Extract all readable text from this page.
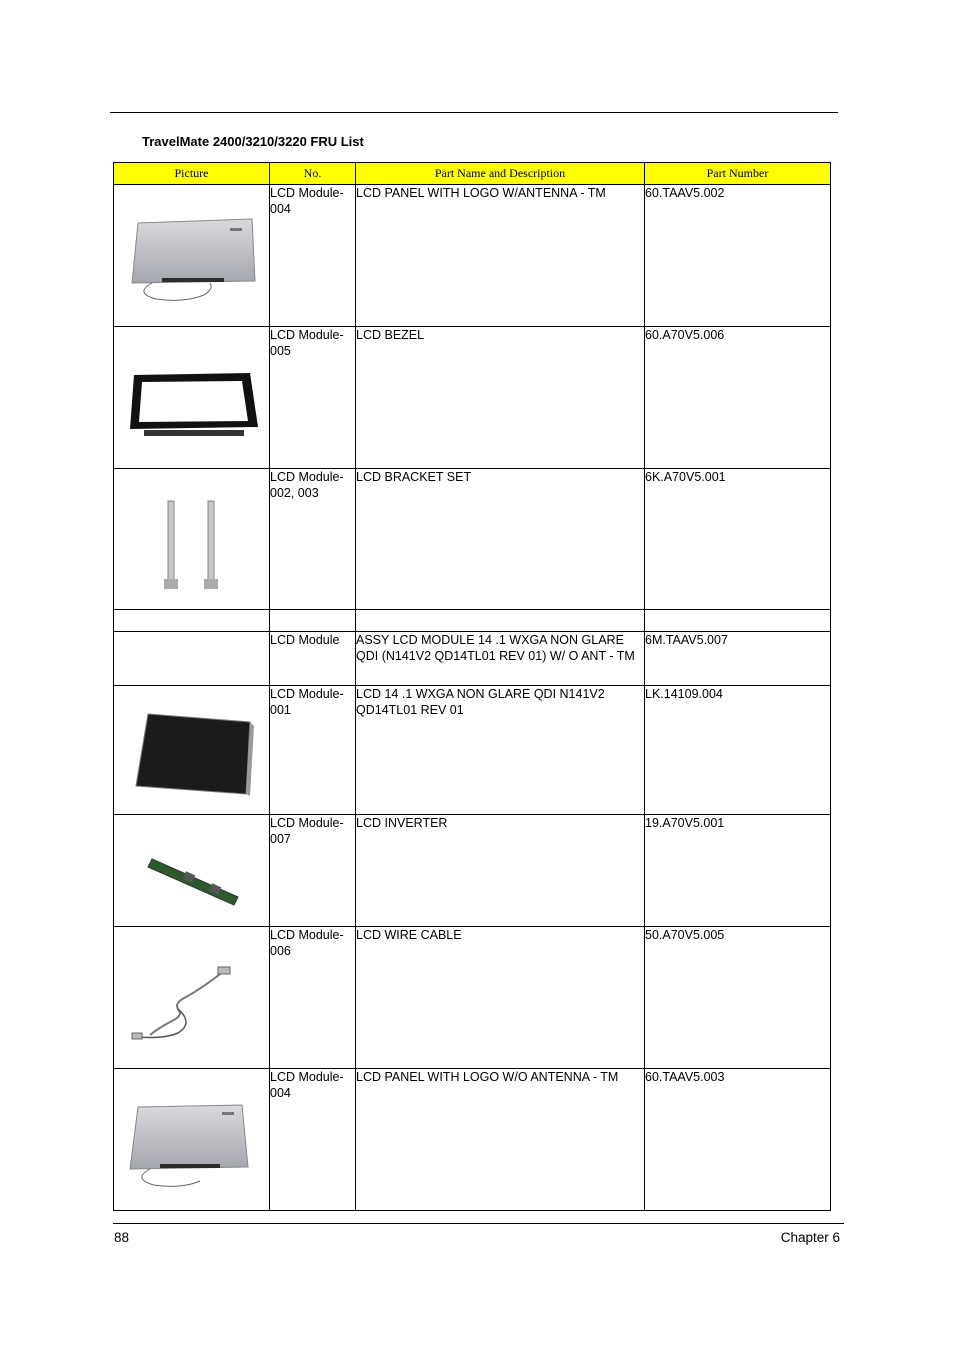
TravelMate 2400/3210/3220 FRU List
Picture	No.	Part Name and Description	Part Number

	LCD Module- 004	LCD PANEL WITH LOGO W/ANTENNA - TM	60.TAAV5.002

	LCD Module- 005	LCD BEZEL	60.A70V5.006

	LCD Module- 002, 003	LCD BRACKET SET	6K.A70V5.001

	LCD Module	ASSY LCD MODULE 14 .1 WXGA NON GLARE QDI (N141V2 QD14TL01 REV 01) W/ O ANT - TM	6M.TAAV5.007

	LCD Module- 001	LCD 14 .1 WXGA NON GLARE QDI N141V2 QD14TL01 REV 01	LK.14109.004

	LCD Module- 007	LCD INVERTER	19.A70V5.001

	LCD Module- 006	LCD WIRE CABLE	50.A70V5.005

	LCD Module- 004	LCD PANEL WITH LOGO W/O ANTENNA - TM	60.TAAV5.003
88	Chapter 6
